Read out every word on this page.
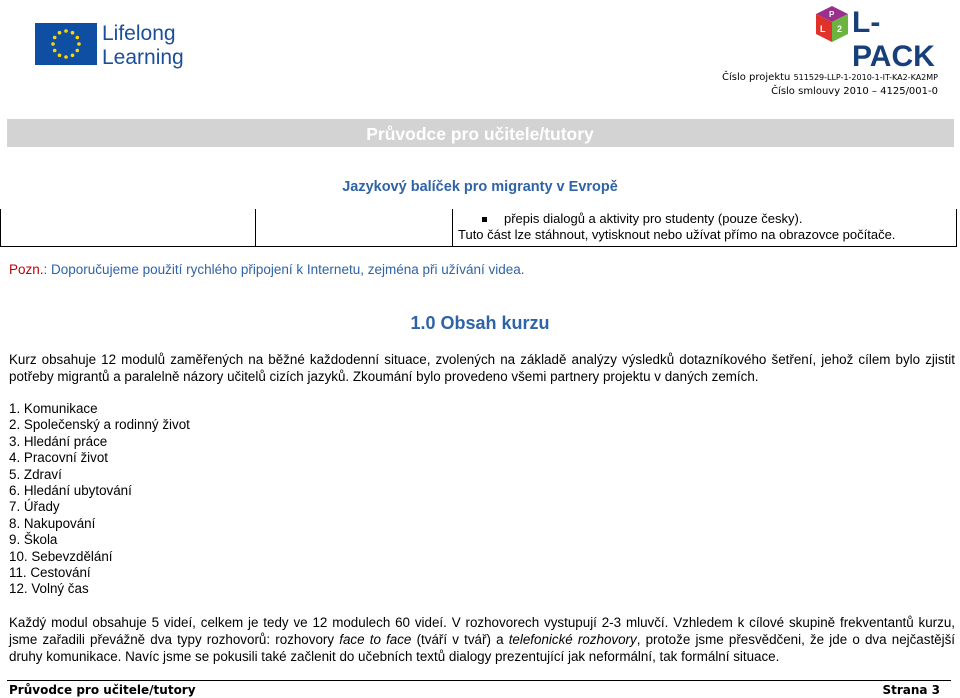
Lifelong
Learning
P
L 2 L-PACK
Číslo projektu 511529-LLP-1-2010-1-IT-KA2-KA2MP
Číslo smlouvy 2010 – 4125/001-0
Průvodce pro učitele/tutory
Jazykový balíček pro migranty v Evropě
přepis dialogů a aktivity pro studenty (pouze česky).
Tuto část lze stáhnout, vytisknout nebo užívat přímo na obrazovce počítače.
Pozn.: Doporučujeme použití rychlého připojení k Internetu, zejména při užívání videa.
1.0 Obsah kurzu
Kurz obsahuje 12 modulů zaměřených na běžné každodenní situace, zvolených na základě analýzy výsledků dotazníkového šetření, jehož cílem bylo zjistit potřeby migrantů a paralelně názory učitelů cizích jazyků. Zkoumání bylo provedeno všemi partnery projektu v daných zemích.
1. Komunikace
2. Společenský a rodinný život
3. Hledání práce
4. Pracovní život
5. Zdraví
6. Hledání ubytování
7. Úřady
8. Nakupování
9. Škola
10. Sebevzdělání
11. Cestování
12. Volný čas
Každý modul obsahuje 5 videí, celkem je tedy ve 12 modulech 60 videí. V rozhovorech vystupují 2-3 mluvčí. Vzhledem k cílové skupině frekventantů kurzu, jsme zařadili převážně dva typy rozhovorů: rozhovory face to face (tváří v tvář) a telefonické rozhovory, protože jsme přesvědčeni, že jde o dva nejčastější druhy komunikace. Navíc jsme se pokusili také začlenit do učebních textů dialogy prezentující jak neformální, tak formální situace.
Průvodce pro učitele/tutory	Strana 3
